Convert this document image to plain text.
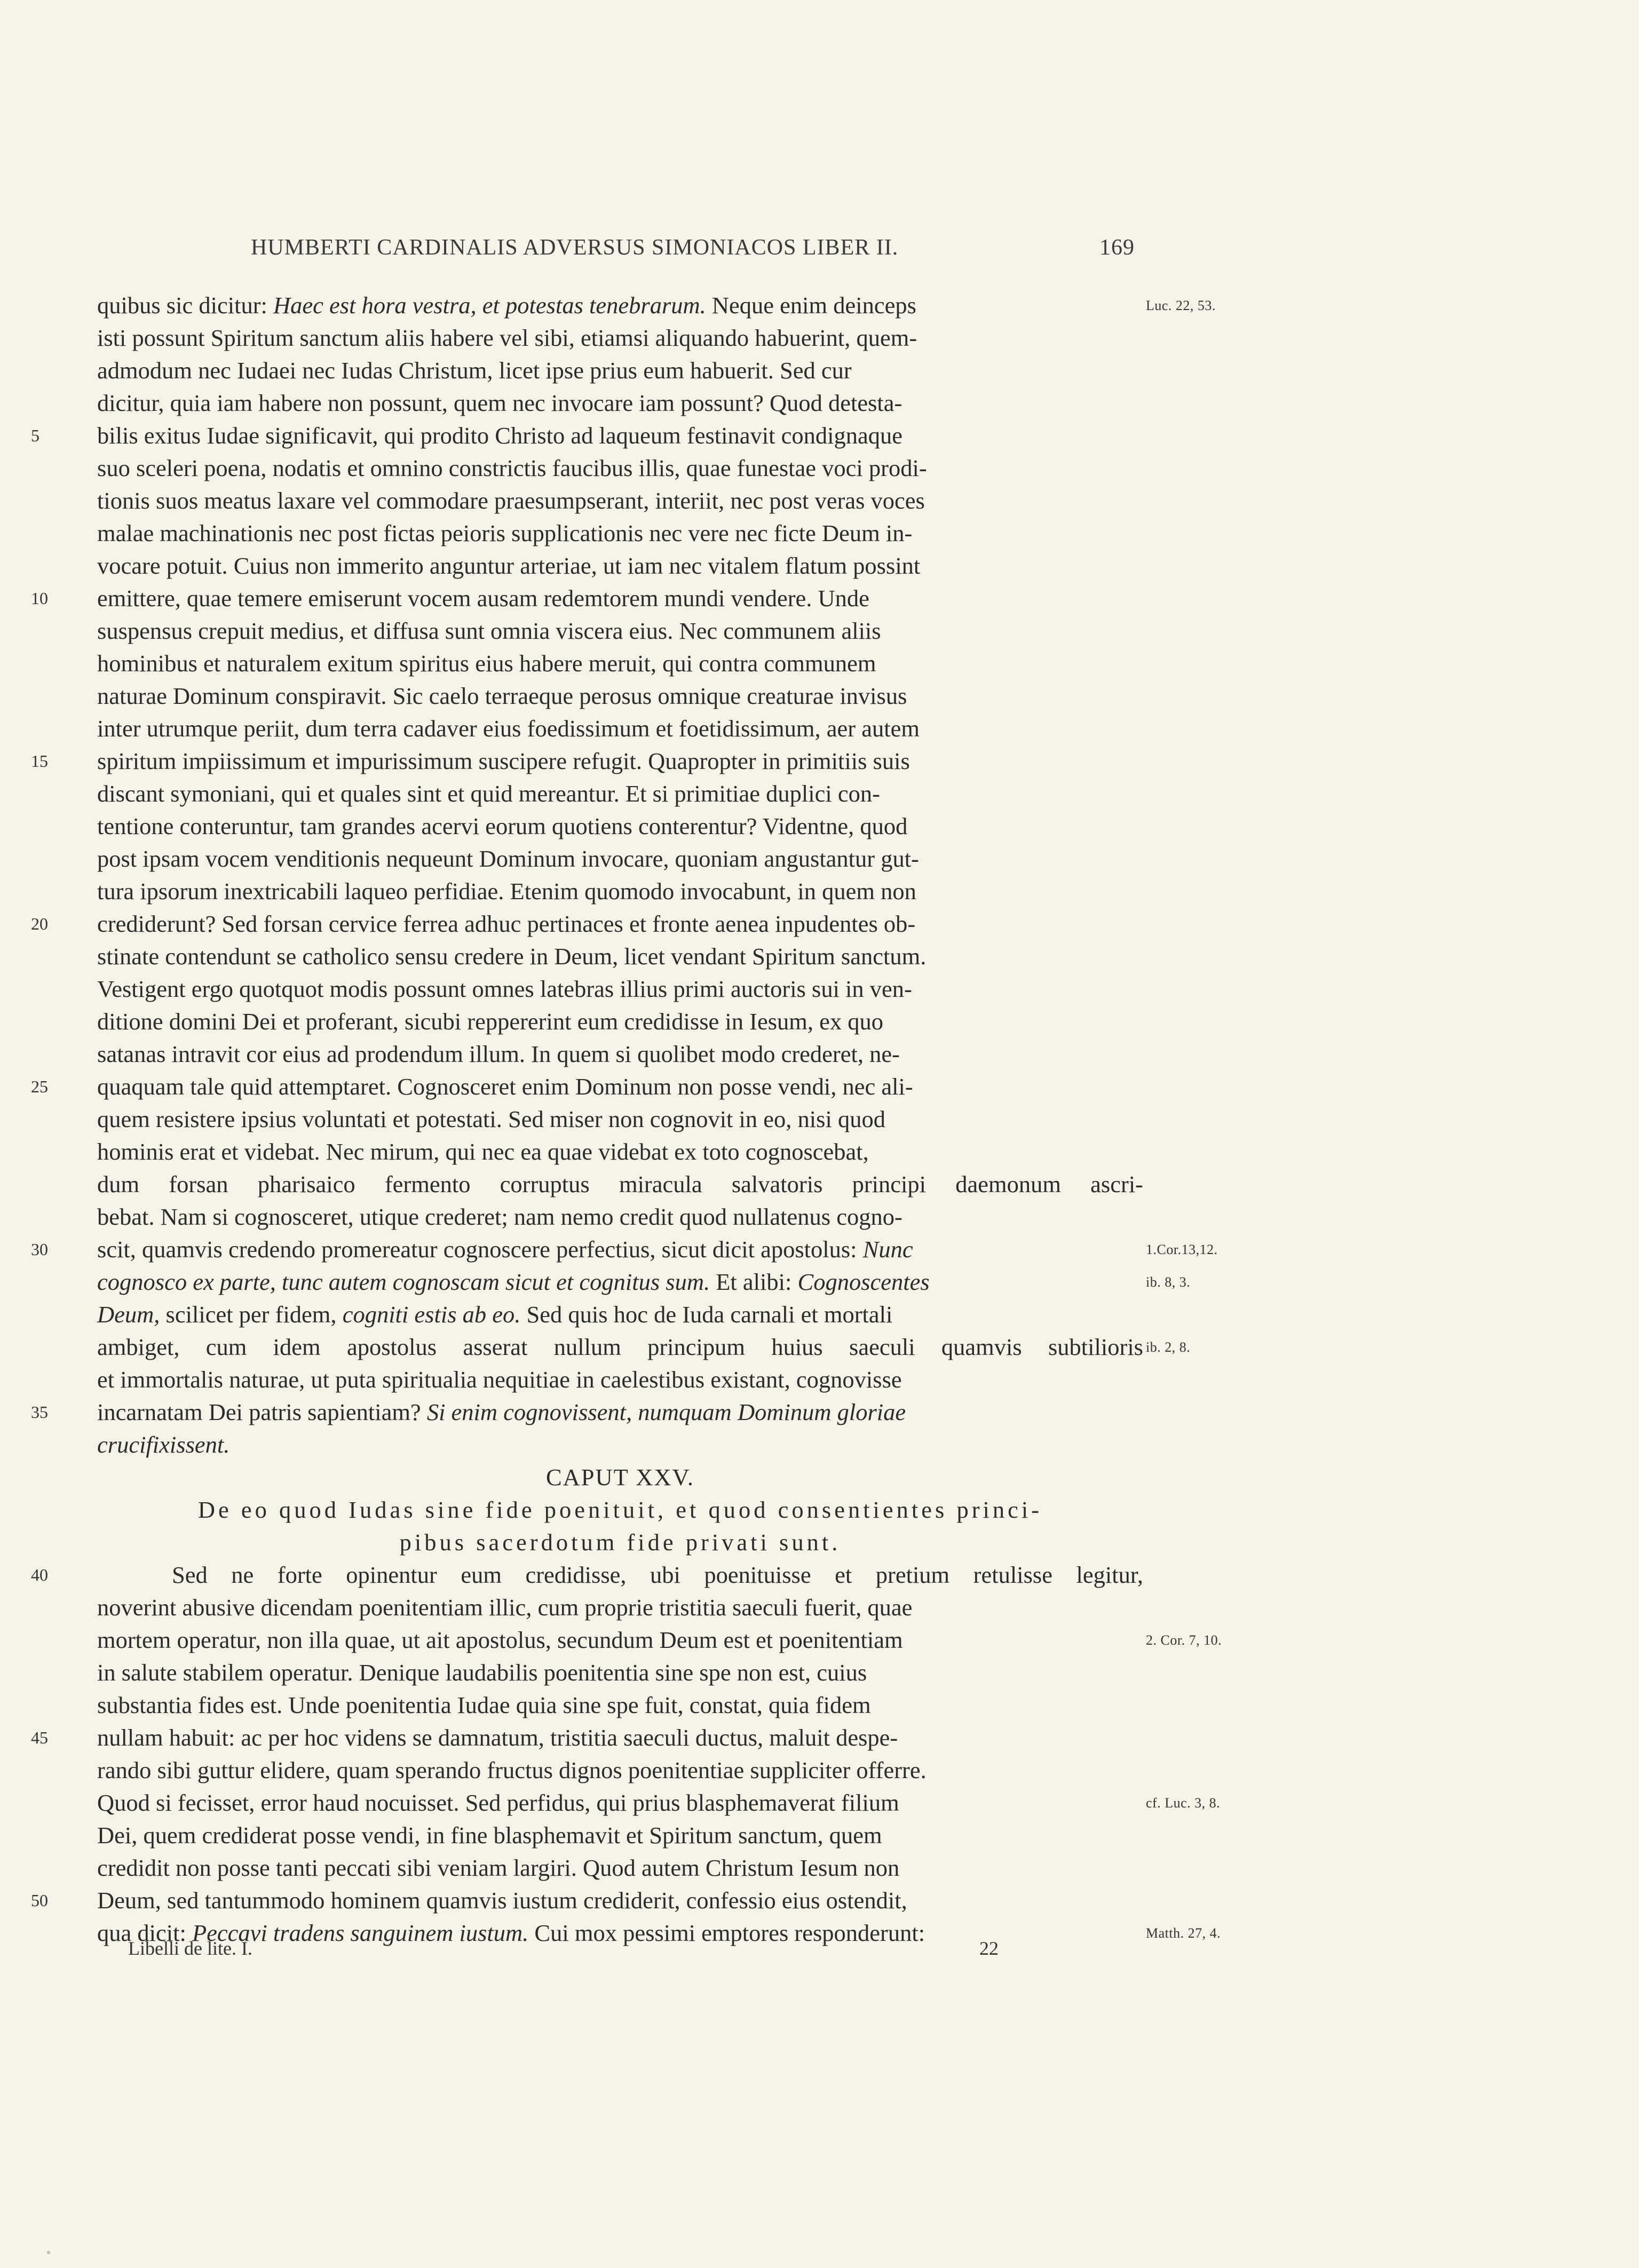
HUMBERTI CARDINALIS ADVERSUS SIMONIACOS LIBER II.	169
quibus sic dicitur: Haec est hora vestra, et potestas tenebrarum. Neque enim deinceps	Luc. 22, 53.
isti possunt Spiritum sanctum aliis habere vel sibi, etiamsi aliquando habuerint, quem-
admodum nec Iudaei nec Iudas Christum, licet ipse prius eum habuerit. Sed cur
dicitur, quia iam habere non possunt, quem nec invocare iam possunt? Quod detesta-
5	bilis exitus Iudae significavit, qui prodito Christo ad laqueum festinavit condignaque
suo sceleri poena, nodatis et omnino constrictis faucibus illis, quae funestae voci prodi-
tionis suos meatus laxare vel commodare praesumpserant, interiit, nec post veras voces
malae machinationis nec post fictas peioris supplicationis nec vere nec ficte Deum in-
vocare potuit. Cuius non immerito anguntur arteriae, ut iam nec vitalem flatum possint
10	emittere, quae temere emiserunt vocem ausam redemtorem mundi vendere. Unde
suspensus crepuit medius, et diffusa sunt omnia viscera eius. Nec communem aliis
hominibus et naturalem exitum spiritus eius habere meruit, qui contra communem
naturae Dominum conspiravit. Sic caelo terraeque perosus omnique creaturae invisus
inter utrumque periit, dum terra cadaver eius foedissimum et foetidissimum, aer autem
15	spiritum impiissimum et impurissimum suscipere refugit. Quapropter in primitiis suis
discant symoniani, qui et quales sint et quid mereantur. Et si primitiae duplici con-
tentione conteruntur, tam grandes acervi eorum quotiens conterentur? Videntne, quod
post ipsam vocem venditionis nequeunt Dominum invocare, quoniam angustantur gut-
tura ipsorum inextricabili laqueo perfidiae. Etenim quomodo invocabunt, in quem non
20	crediderunt? Sed forsan cervice ferrea adhuc pertinaces et fronte aenea inpudentes ob-
stinate contendunt se catholico sensu credere in Deum, licet vendant Spiritum sanctum.
Vestigent ergo quotquot modis possunt omnes latebras illius primi auctoris sui in ven-
ditione domini Dei et proferant, sicubi reppererint eum credidisse in Iesum, ex quo
satanas intravit cor eius ad prodendum illum. In quem si quolibet modo crederet, ne-
25	quaquam tale quid attemptaret. Cognosceret enim Dominum non posse vendi, nec ali-
quem resistere ipsius voluntati et potestati. Sed miser non cognovit in eo, nisi quod
hominis erat et videbat. Nec mirum, qui nec ea quae videbat ex toto cognoscebat,
dum forsan pharisaico fermento corruptus miracula salvatoris principi daemonum ascri-
bebat. Nam si cognosceret, utique crederet; nam nemo credit quod nullatenus cogno-
30	scit, quamvis credendo promereatur cognoscere perfectius, sicut dicit apostolus: Nunc	1.Cor.13,12.
cognosco ex parte, tunc autem cognoscam sicut et cognitus sum. Et alibi: Cognoscentes	ib. 8, 3.
Deum, scilicet per fidem, cogniti estis ab eo. Sed quis hoc de Iuda carnali et mortali
ambiget, cum idem apostolus asserat nullum principum huius saeculi quamvis subtilioris ib. 2, 8.
et immortalis naturae, ut puta spiritualia nequitiae in caelestibus existant, cognovisse
35	incarnatam Dei patris sapientiam? Si enim cognovissent, numquam Dominum gloriae
crucifixissent.
CAPUT XXV.
De eo quod Iudas sine fide poenituit, et quod consentientes princi-
pibus sacerdotum fide privati sunt.
40	Sed ne forte opinentur eum credidisse, ubi poenituisse et pretium retulisse legitur,
noverint abusive dicendam poenitentiam illic, cum proprie tristitia saeculi fuerit, quae
mortem operatur, non illa quae, ut ait apostolus, secundum Deum est et poenitentiam	2. Cor. 7, 10.
in salute stabilem operatur. Denique laudabilis poenitentia sine spe non est, cuius
substantia fides est. Unde poenitentia Iudae quia sine spe fuit, constat, quia fidem
45	nullam habuit: ac per hoc videns se damnatum, tristitia saeculi ductus, maluit despe-
rando sibi guttur elidere, quam sperando fructus dignos poenitentiae suppliciter offerre.
Quod si fecisset, error haud nocuisset. Sed perfidus, qui prius blasphemaverat filium	cf. Luc. 3, 8.
Dei, quem crediderat posse vendi, in fine blasphemavit et Spiritum sanctum, quem
credidit non posse tanti peccati sibi veniam largiri. Quod autem Christum Iesum non
50	Deum, sed tantummodo hominem quamvis iustum crediderit, confessio eius ostendit,
qua dicit: Peccavi tradens sanguinem iustum. Cui mox pessimi emptores responderunt:	Matth. 27, 4.
Libelli de lite. I.	22
